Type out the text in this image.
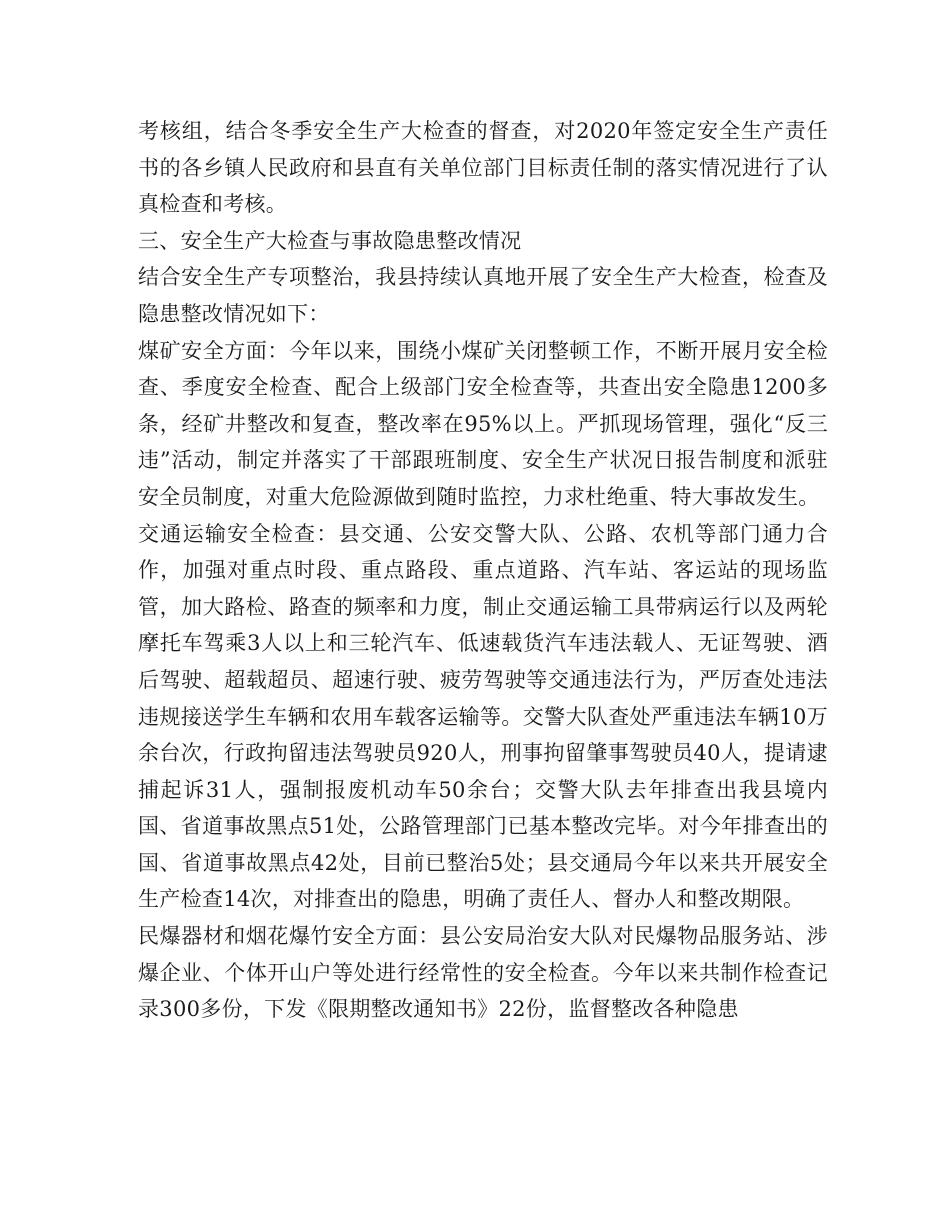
考核组，结合冬季安全生产大检查的督查，对2020年签定安全生产责任书的各乡镇人民政府和县直有关单位部门目标责任制的落实情况进行了认真检查和考核。

三、安全生产大检查与事故隐患整改情况

结合安全生产专项整治，我县持续认真地开展了安全生产大检查，检查及隐患整改情况如下：

煤矿安全方面：今年以来，围绕小煤矿关闭整顿工作，不断开展月安全检查、季度安全检查、配合上级部门安全检查等，共查出安全隐患1200多条，经矿井整改和复查，整改率在95%以上。严抓现场管理，强化“反三违”活动，制定并落实了干部跟班制度、安全生产状况日报告制度和派驻安全员制度，对重大危险源做到随时监控，力求杜绝重、特大事故发生。

交通运输安全检查：县交通、公安交警大队、公路、农机等部门通力合作，加强对重点时段、重点路段、重点道路、汽车站、客运站的现场监管，加大路检、路查的频率和力度，制止交通运输工具带病运行以及两轮摩托车驾乘3人以上和三轮汽车、低速载货汽车违法载人、无证驾驶、酒后驾驶、超载超员、超速行驶、疲劳驾驶等交通违法行为，严厉查处违法违规接送学生车辆和农用车载客运输等。交警大队查处严重违法车辆10万余台次，行政拘留违法驾驶员920人，刑事拘留肇事驾驶员40人，提请逮捕起诉31人，强制报废机动车50余台；交警大队去年排查出我县境内国、省道事故黑点51处，公路管理部门已基本整改完毕。对今年排查出的国、省道事故黑点42处，目前已整治5处；县交通局今年以来共开展安全生产检查14次，对排查出的隐患，明确了责任人、督办人和整改期限。

民爆器材和烟花爆竹安全方面：县公安局治安大队对民爆物品服务站、涉爆企业、个体开山户等处进行经常性的安全检查。今年以来共制作检查记录300多份，下发《限期整改通知书》22份，监督整改各种隐患
